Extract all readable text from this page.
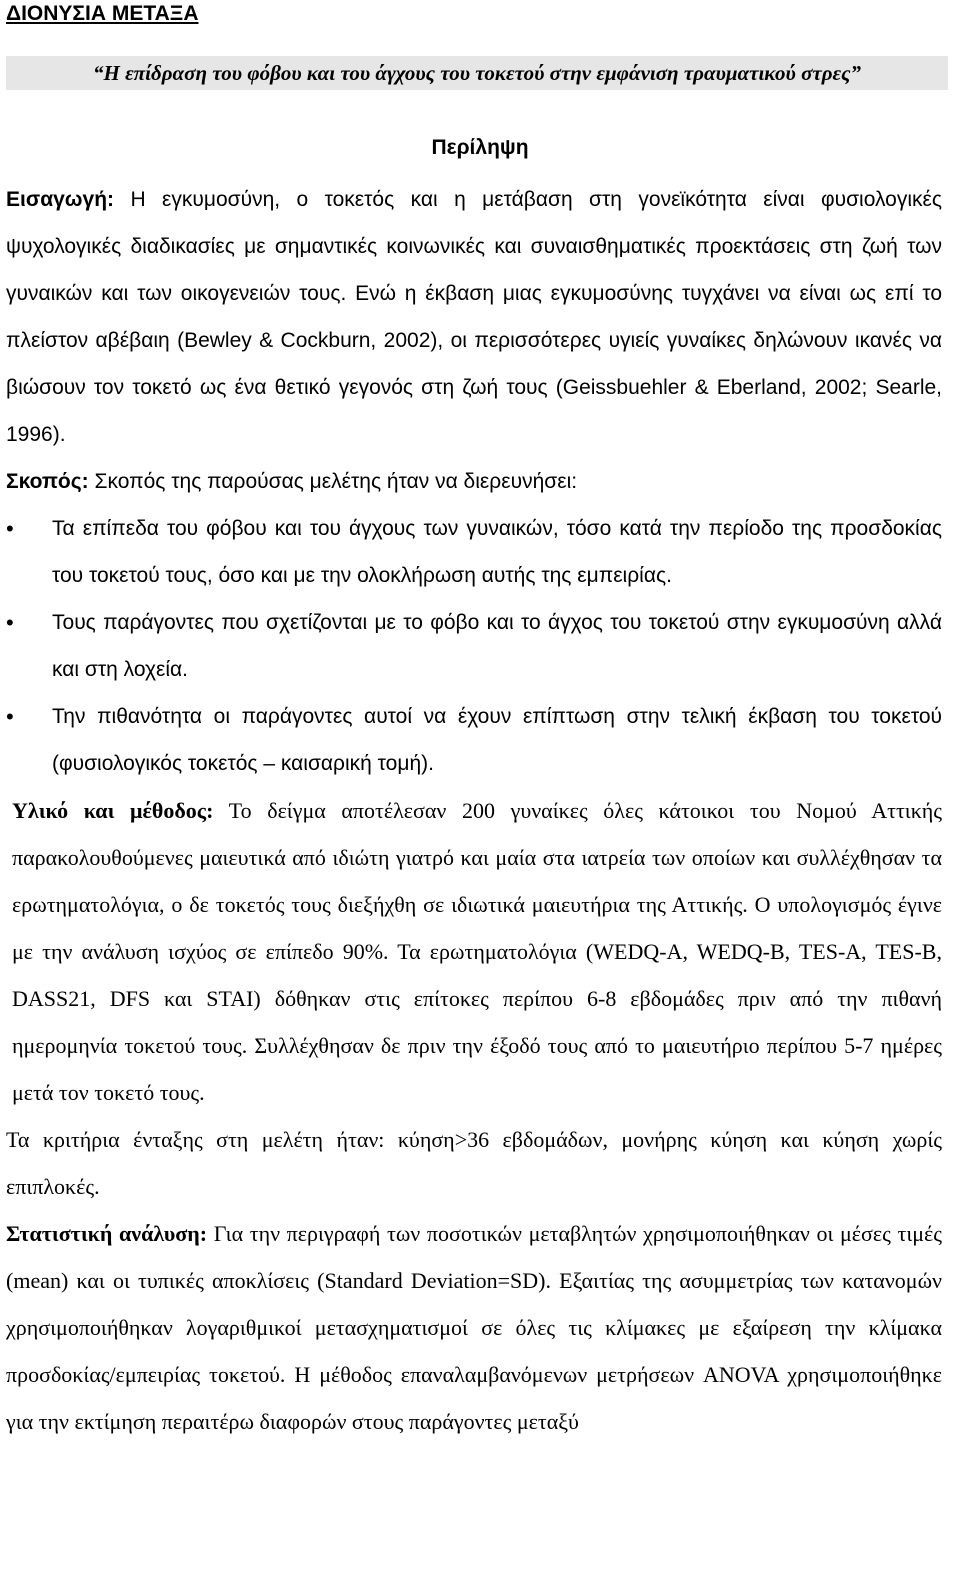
ΔΙΟΝΥΣΙΑ ΜΕΤΑΞΑ
“Η επίδραση του φόβου και του άγχους του τοκετού στην εμφάνιση τραυματικού στρες”
Περίληψη

Εισαγωγή: Η εγκυμοσύνη, ο τοκετός και η μετάβαση στη γονεϊκότητα είναι φυσιολογικές ψυχολογικές διαδικασίες με σημαντικές κοινωνικές και συναισθηματικές προεκτάσεις στη ζωή των γυναικών και των οικογενειών τους. Ενώ η έκβαση μιας εγκυμοσύνης τυγχάνει να είναι ως επί το πλείστον αβέβαιη (Bewley & Cockburn, 2002), οι περισσότερες υγιείς γυναίκες δηλώνουν ικανές να βιώσουν τον τοκετό ως ένα θετικό γεγονός στη ζωή τους (Geissbuehler & Eberland, 2002; Searle, 1996).

Σκοπός: Σκοπός της παρούσας μελέτης ήταν να διερευνήσει:

• Τα επίπεδα του φόβου και του άγχους των γυναικών, τόσο κατά την περίοδο της προσδοκίας του τοκετού τους, όσο και με την ολοκλήρωση αυτής της εμπειρίας.
• Τους παράγοντες που σχετίζονται με το φόβο και το άγχος του τοκετού στην εγκυμοσύνη αλλά και στη λοχεία.
• Την πιθανότητα οι παράγοντες αυτοί να έχουν επίπτωση στην τελική έκβαση του τοκετού (φυσιολογικός τοκετός – καισαρική τομή).

Υλικό και μέθοδος: Το δείγμα αποτέλεσαν 200 γυναίκες όλες κάτοικοι του Νομού Αττικής παρακολουθούμενες μαιευτικά από ιδιώτη γιατρό και μαία στα ιατρεία των οποίων και συλλέχθησαν τα ερωτηματολόγια, ο δε τοκετός τους διεξήχθη σε ιδιωτικά μαιευτήρια της Αττικής. Ο υπολογισμός έγινε με την ανάλυση ισχύος σε επίπεδο 90%. Τα ερωτηματολόγια (WEDQ-A, WEDQ-B, TES-A, TES-B, DASS21, DFS και STAI) δόθηκαν στις επίτοκες περίπου 6-8 εβδομάδες πριν από την πιθανή ημερομηνία τοκετού τους. Συλλέχθησαν δε πριν την έξοδό τους από το μαιευτήριο περίπου 5-7 ημέρες μετά τον τοκετό τους.

Τα κριτήρια ένταξης στη μελέτη ήταν: κύηση>36 εβδομάδων, μονήρης κύηση και κύηση χωρίς επιπλοκές.

Στατιστική ανάλυση: Για την περιγραφή των ποσοτικών μεταβλητών χρησιμοποιήθηκαν οι μέσες τιμές (mean) και οι τυπικές αποκλίσεις (Standard Deviation=SD). Εξαιτίας της ασυμμετρίας των κατανομών χρησιμοποιήθηκαν λογαριθμικοί μετασχηματισμοί σε όλες τις κλίμακες με εξαίρεση την κλίμακα προσδοκίας/εμπειρίας τοκετού. Η μέθοδος επαναλαμβανόμενων μετρήσεων ANOVA χρησιμοποιήθηκε για την εκτίμηση περαιτέρω διαφορών στους παράγοντες μεταξύ
